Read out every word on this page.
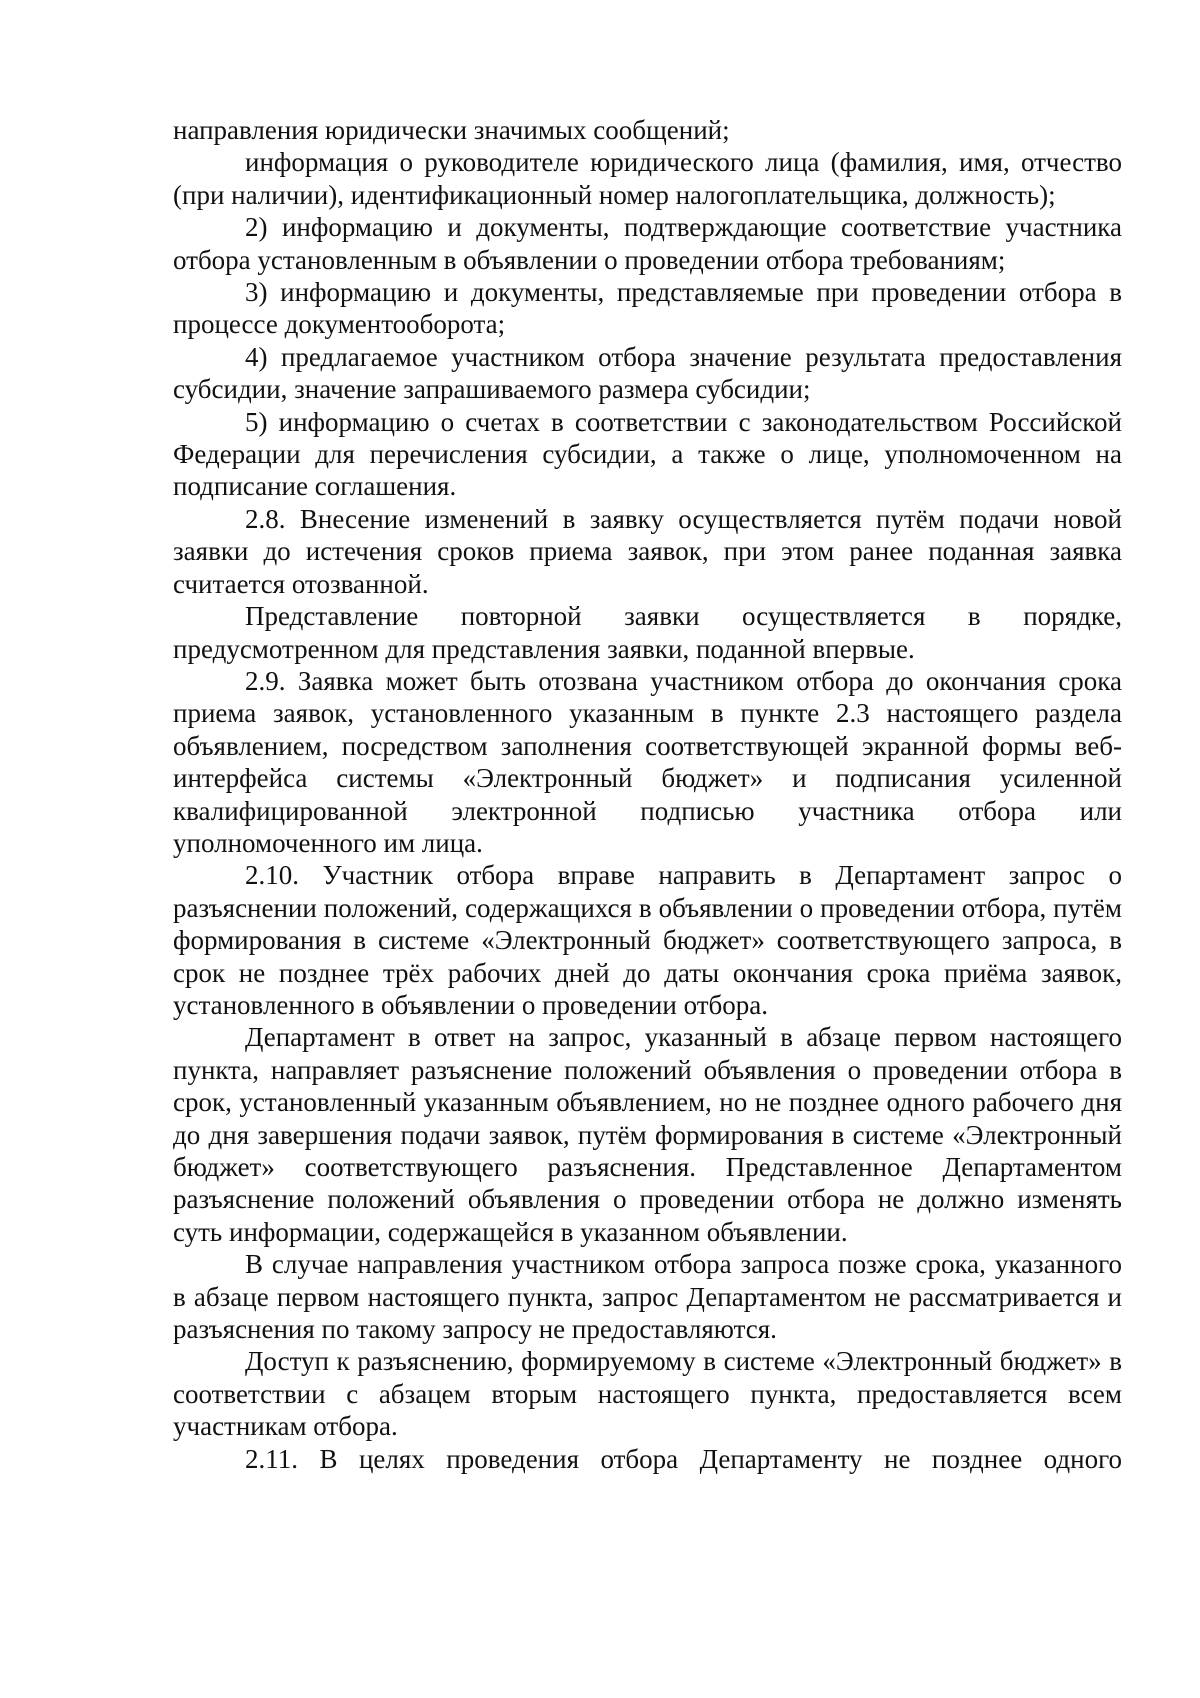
направления юридически значимых сообщений;

информация о руководителе юридического лица (фамилия, имя, отчество (при наличии), идентификационный номер налогоплательщика, должность);

2) информацию и документы, подтверждающие соответствие участника отбора установленным в объявлении о проведении отбора требованиям;

3) информацию и документы, представляемые при проведении отбора в процессе документооборота;

4) предлагаемое участником отбора значение результата предоставления субсидии, значение запрашиваемого размера субсидии;

5) информацию о счетах в соответствии с законодательством Российской Федерации для перечисления субсидии, а также о лице, уполномоченном на подписание соглашения.

2.8. Внесение изменений в заявку осуществляется путём подачи новой заявки до истечения сроков приема заявок, при этом ранее поданная заявка считается отозванной.

Представление повторной заявки осуществляется в порядке, предусмотренном для представления заявки, поданной впервые.

2.9. Заявка может быть отозвана участником отбора до окончания срока приема заявок, установленного указанным в пункте 2.3 настоящего раздела объявлением, посредством заполнения соответствующей экранной формы веб-интерфейса системы «Электронный бюджет» и подписания усиленной квалифицированной электронной подписью участника отбора или уполномоченного им лица.

2.10. Участник отбора вправе направить в Департамент запрос о разъяснении положений, содержащихся в объявлении о проведении отбора, путём формирования в системе «Электронный бюджет» соответствующего запроса, в срок не позднее трёх рабочих дней до даты окончания срока приёма заявок, установленного в объявлении о проведении отбора.

Департамент в ответ на запрос, указанный в абзаце первом настоящего пункта, направляет разъяснение положений объявления о проведении отбора в срок, установленный указанным объявлением, но не позднее одного рабочего дня до дня завершения подачи заявок, путём формирования в системе «Электронный бюджет» соответствующего разъяснения. Представленное Департаментом разъяснение положений объявления о проведении отбора не должно изменять суть информации, содержащейся в указанном объявлении.

В случае направления участником отбора запроса позже срока, указанного в абзаце первом настоящего пункта, запрос Департаментом не рассматривается и разъяснения по такому запросу не предоставляются.

Доступ к разъяснению, формируемому в системе «Электронный бюджет» в соответствии с абзацем вторым настоящего пункта, предоставляется всем участникам отбора.

2.11. В целях проведения отбора Департаменту не позднее одного
